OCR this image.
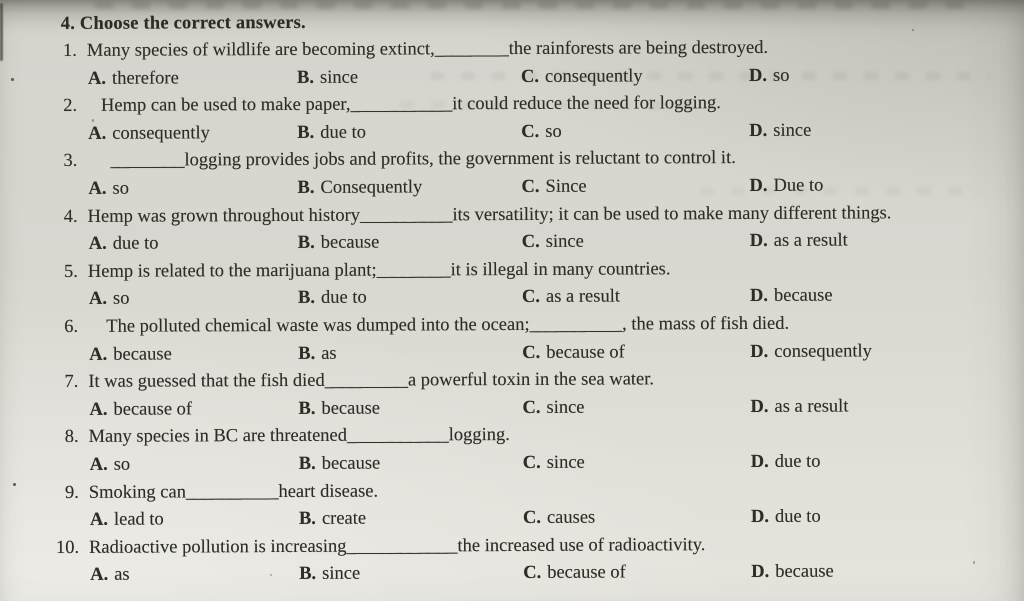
4. Choose the correct answers.
1. Many species of wildlife are becoming extinct,________the rainforests are being destroyed.
A. therefore	B. since	C. consequently	D. so
2. Hemp can be used to make paper,___________it could reduce the need for logging.
A. consequently	B. due to	C. so	D. since
3. ________logging provides jobs and profits, the government is reluctant to control it.
A. so	B. Consequently	C. Since	D. Due to
4. Hemp was grown throughout history__________its versatility; it can be used to make many different things.
A. due to	B. because	C. since	D. as a result
5. Hemp is related to the marijuana plant;________it is illegal in many countries.
A. so	B. due to	C. as a result	D. because
6. The polluted chemical waste was dumped into the ocean;__________, the mass of fish died.
A. because	B. as	C. because of	D. consequently
7. It was guessed that the fish died_________a powerful toxin in the sea water.
A. because of	B. because	C. since	D. as a result
8. Many species in BC are threatened___________logging.
A. so	B. because	C. since	D. due to
9. Smoking can__________heart disease.
A. lead to	B. create	C. causes	D. due to
10. Radioactive pollution is increasing____________the increased use of radioactivity.
A. as	B. since	C. because of	D. because
